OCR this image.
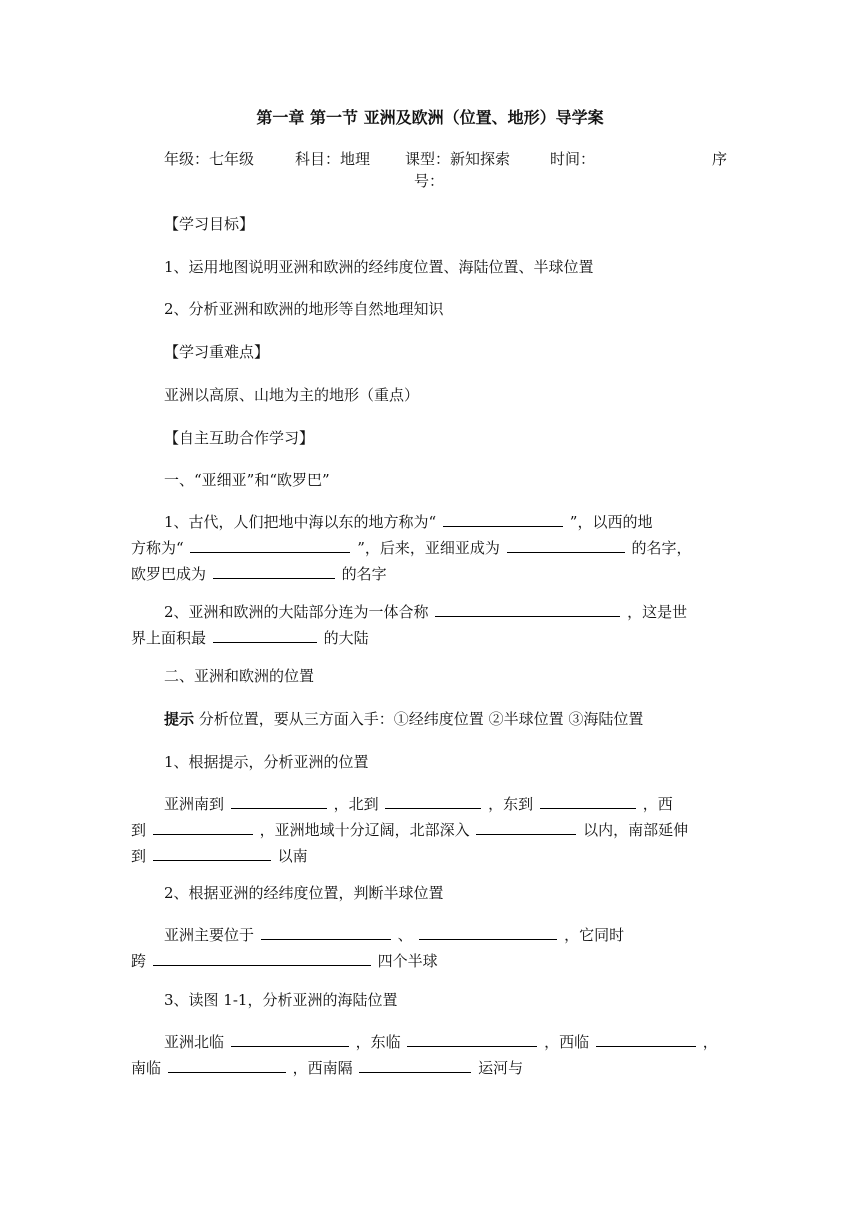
第一章 第一节 亚洲及欧洲（位置、地形）导学案
年级：七年级	科目：地理 课型：新知探索	时间：	序
号：
【学习目标】
1、运用地图说明亚洲和欧洲的经纬度位置、海陆位置、半球位置
2、分析亚洲和欧洲的地形等自然地理知识
【学习重难点】
亚洲以高原、山地为主的地形（重点）
【自主互助合作学习】
一、“亚细亚”和“欧罗巴”
1、古代，人们把地中海以东的地方称为“	”，以西的地
方称为“	”，后来，亚细亚成为	的名字，
欧罗巴成为	的名字
2、亚洲和欧洲的大陆部分连为一体合称	，这是世
界上面积最	的大陆
二、亚洲和欧洲的位置
提示 分析位置，要从三方面入手：①经纬度位置 ②半球位置 ③海陆位置
1、根据提示，分析亚洲的位置
亚洲南到	，北到	，东到	，西
到	，亚洲地域十分辽阔，北部深入	以内，南部延伸
到	以南
2、根据亚洲的经纬度位置，判断半球位置
亚洲主要位于	、	，它同时
跨	四个半球
3、读图 1-1，分析亚洲的海陆位置
亚洲北临	，东临	，西临	，
南临	，西南隔	运河与
